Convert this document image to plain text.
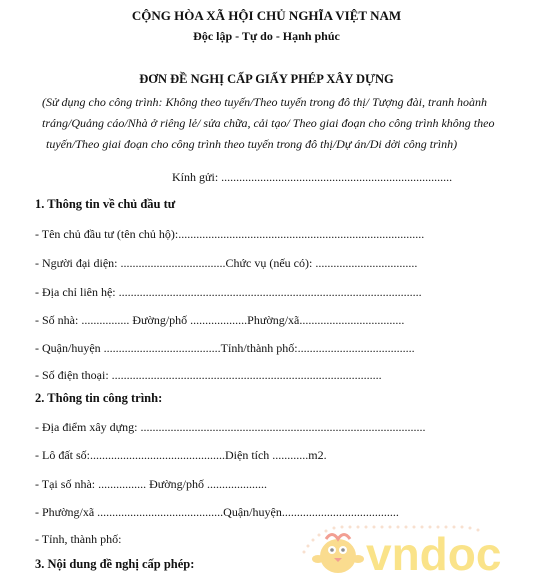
CỘNG HÒA XÃ HỘI CHỦ NGHĨA VIỆT NAM
Độc lập - Tự do - Hạnh phúc
ĐƠN ĐỀ NGHỊ CẤP GIẤY PHÉP XÂY DỰNG
(Sử dụng cho công trình: Không theo tuyến/Theo tuyến trong đô thị/ Tượng đài, tranh hoành
tráng/Quảng cáo/Nhà ở riêng lẻ/ sửa chữa, cải tạo/ Theo giai đoạn cho công trình không theo
tuyến/Theo giai đoạn cho công trình theo tuyến trong đô thị/Dự án/Di dời công trình)
Kính gửi: .............................................................................
1. Thông tin về chủ đầu tư
- Tên chủ đầu tư (tên chủ hộ):..................................................................................
- Người đại diện: ...................................Chức vụ (nếu có): ..................................
- Địa chỉ liên hệ: .....................................................................................................
- Số nhà: ................ Đường/phố ...................Phường/xã...................................
- Quận/huyện .......................................Tỉnh/thành phố:.......................................
- Số điện thoại: ..........................................................................................
2. Thông tin công trình:
- Địa điểm xây dựng: ...............................................................................................
- Lô đất số:.............................................Diện tích ............m2.
- Tại số nhà: ................ Đường/phố ....................
- Phường/xã ..........................................Quận/huyện.......................................
- Tỉnh, thành phố:
3. Nội dung đề nghị cấp phép:	vndoc
